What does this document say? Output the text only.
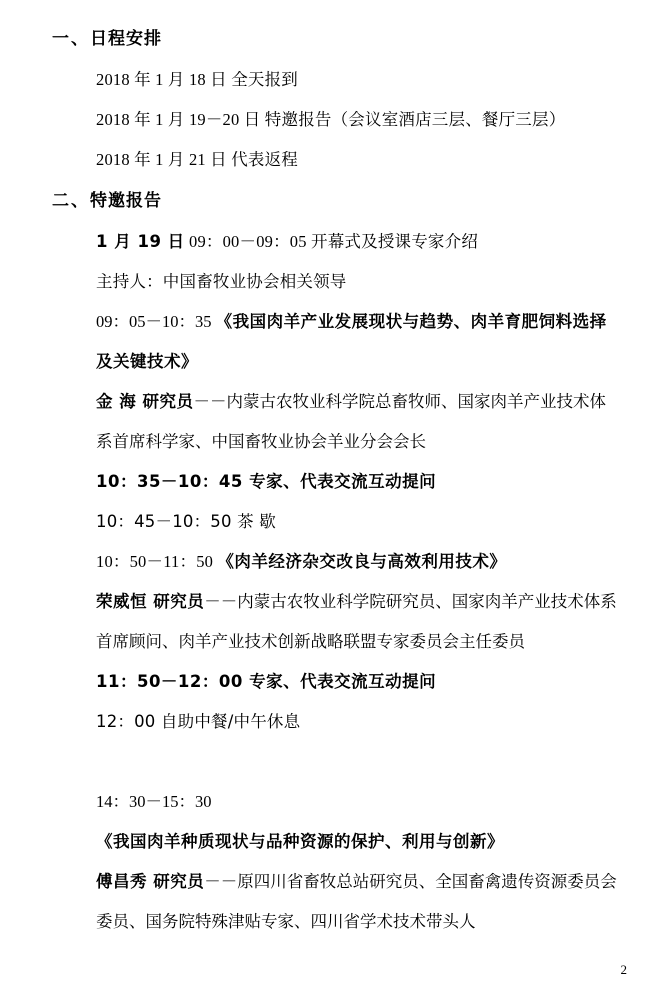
一、日程安排
2018 年 1 月 18 日 全天报到
2018 年 1 月 19－20 日 特邀报告（会议室酒店三层、餐厅三层）
2018 年 1 月 21 日 代表返程
二、特邀报告
1 月 19 日 09：00－09：05 开幕式及授课专家介绍
主持人：中国畜牧业协会相关领导
09：05－10：35 《我国肉羊产业发展现状与趋势、肉羊育肥饲料选择及关键技术》
金 海 研究员－－内蒙古农牧业科学院总畜牧师、国家肉羊产业技术体系首席科学家、中国畜牧业协会羊业分会会长
10：35－10：45 专家、代表交流互动提问
10：45－10：50 茶 歇
10：50－11：50 《肉羊经济杂交改良与高效利用技术》
荣威恒 研究员－－内蒙古农牧业科学院研究员、国家肉羊产业技术体系首席顾问、肉羊产业技术创新战略联盟专家委员会主任委员
11：50－12：00 专家、代表交流互动提问
12：00 自助中餐/中午休息
14：30－15：30 《我国肉羊种质现状与品种资源的保护、利用与创新》
傅昌秀 研究员－－原四川省畜牧总站研究员、全国畜禽遗传资源委员会委员、国务院特殊津贴专家、四川省学术技术带头人
2
